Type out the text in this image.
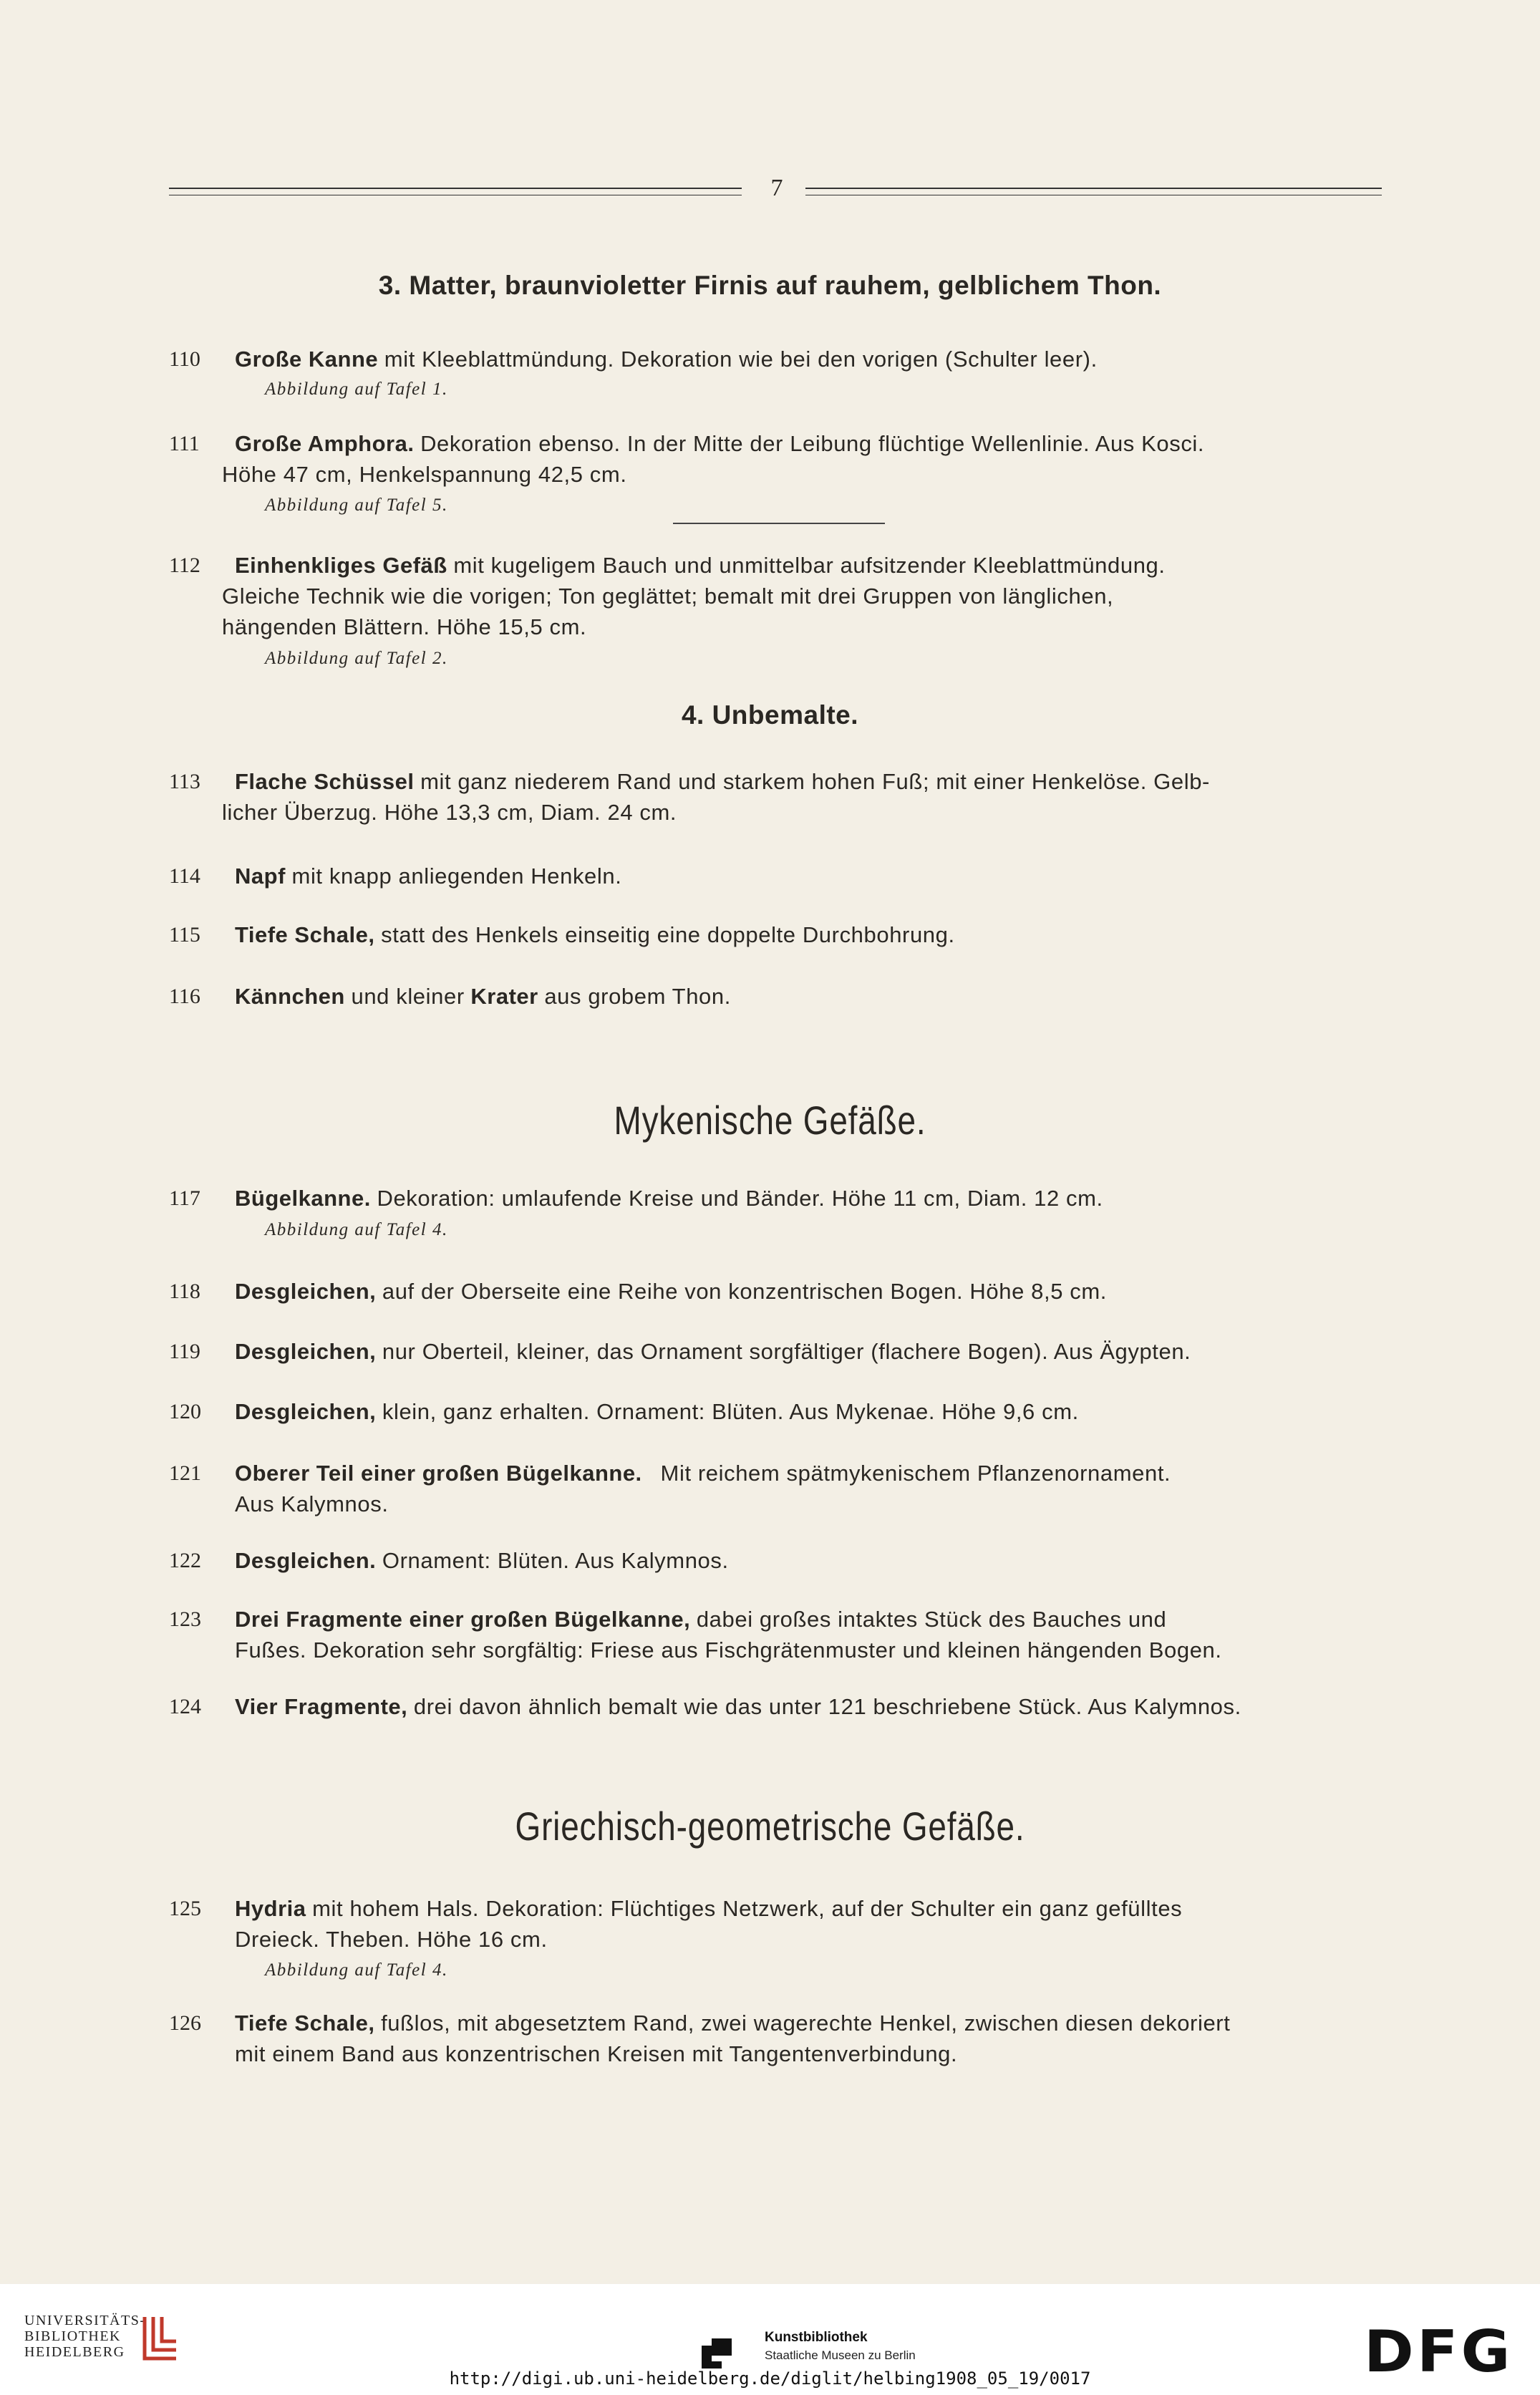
7
3. Matter, braunvioletter Firnis auf rauhem, gelblichem Thon.
110	Große Kanne mit Kleeblattmündung. Dekoration wie bei den vorigen (Schulter leer).
Abbildung auf Tafel 1.
111	Große Amphora. Dekoration ebenso. In der Mitte der Leibung flüchtige Wellenlinie. Aus Kosci.
Höhe 47 cm, Henkelspannung 42,5 cm.
Abbildung auf Tafel 5.
112	Einhenkliges Gefäß mit kugeligem Bauch und unmittelbar aufsitzender Kleeblattmündung.
Gleiche Technik wie die vorigen; Ton geglättet; bemalt mit drei Gruppen von länglichen,
hängenden Blättern. Höhe 15,5 cm.
Abbildung auf Tafel 2.
4. Unbemalte.
113	Flache Schüssel mit ganz niederem Rand und starkem hohen Fuß; mit einer Henkelöse. Gelb-
licher Überzug. Höhe 13,3 cm, Diam. 24 cm.
114	Napf mit knapp anliegenden Henkeln.
115	Tiefe Schale, statt des Henkels einseitig eine doppelte Durchbohrung.
116	Kännchen und kleiner Krater aus grobem Thon.
Mykenische Gefäße.
117	Bügelkanne. Dekoration: umlaufende Kreise und Bänder. Höhe 11 cm, Diam. 12 cm.
Abbildung auf Tafel 4.
118	Desgleichen, auf der Oberseite eine Reihe von konzentrischen Bogen. Höhe 8,5 cm.
119	Desgleichen, nur Oberteil, kleiner, das Ornament sorgfältiger (flachere Bogen). Aus Ägypten.
120	Desgleichen, klein, ganz erhalten. Ornament: Blüten. Aus Mykenae. Höhe 9,6 cm.
121	Oberer Teil einer großen Bügelkanne. Mit reichem spätmykenischem Pflanzenornament.
Aus Kalymnos.
122	Desgleichen. Ornament: Blüten. Aus Kalymnos.
123	Drei Fragmente einer großen Bügelkanne, dabei großes intaktes Stück des Bauches und
Fußes. Dekoration sehr sorgfältig: Friese aus Fischgrätenmuster und kleinen hängenden Bogen.
124	Vier Fragmente, drei davon ähnlich bemalt wie das unter 121 beschriebene Stück. Aus Kalymnos.
Griechisch-geometrische Gefäße.
125	Hydria mit hohem Hals. Dekoration: Flüchtiges Netzwerk, auf der Schulter ein ganz gefülltes
Dreieck. Theben. Höhe 16 cm.
Abbildung auf Tafel 4.
126	Tiefe Schale, fußlos, mit abgesetztem Rand, zwei wagerechte Henkel, zwischen diesen dekoriert
mit einem Band aus konzentrischen Kreisen mit Tangentenverbindung.
UNIVERSITÄTS-
BIBLIOTHEK
HEIDELBERG
Kunstbibliothek
Staatliche Museen zu Berlin	DFG
http://digi.ub.uni-heidelberg.de/diglit/helbing1908_05_19/0017
